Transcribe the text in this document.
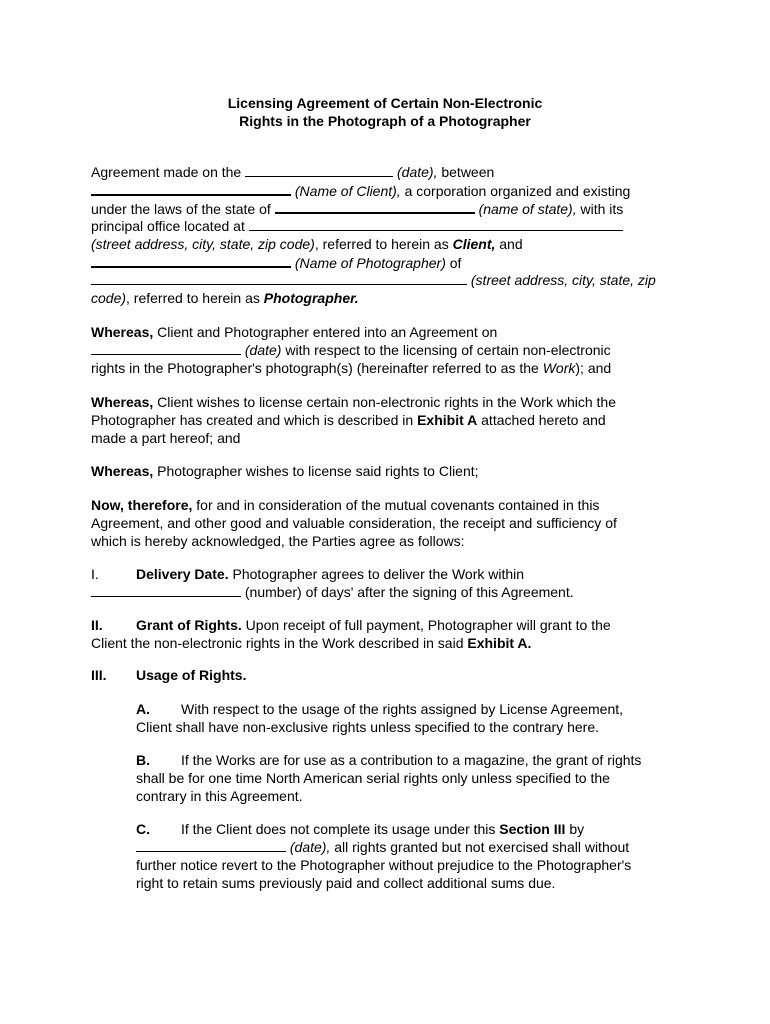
Licensing Agreement of Certain Non-Electronic
Rights in the Photograph of a Photographer
Agreement made on the	(date), between
(Name of Client), a corporation organized and existing
under the laws of the state of	(name of state), with its
principal office located at
(street address, city, state, zip code), referred to herein as Client, and
(Name of Photographer) of
(street address, city, state, zip
code), referred to herein as Photographer.
Whereas, Client and Photographer entered into an Agreement on
(date) with respect to the licensing of certain non-electronic
rights in the Photographer's photograph(s) (hereinafter referred to as the Work); and
Whereas, Client wishes to license certain non-electronic rights in the Work which the
Photographer has created and which is described in Exhibit A attached hereto and
made a part hereof; and
Whereas, Photographer wishes to license said rights to Client;
Now, therefore, for and in consideration of the mutual covenants contained in this
Agreement, and other good and valuable consideration, the receipt and sufficiency of
which is hereby acknowledged, the Parties agree as follows:
I.	Delivery Date. Photographer agrees to deliver the Work within
(number) of days' after the signing of this Agreement.
II.	Grant of Rights. Upon receipt of full payment, Photographer will grant to the
Client the non-electronic rights in the Work described in said Exhibit A.
III.	Usage of Rights.
A. With respect to the usage of the rights assigned by License Agreement,
Client shall have non-exclusive rights unless specified to the contrary here.
B. If the Works are for use as a contribution to a magazine, the grant of rights
shall be for one time North American serial rights only unless specified to the
contrary in this Agreement.
C. If the Client does not complete its usage under this Section III by
(date), all rights granted but not exercised shall without
further notice revert to the Photographer without prejudice to the Photographer's
right to retain sums previously paid and collect additional sums due.
